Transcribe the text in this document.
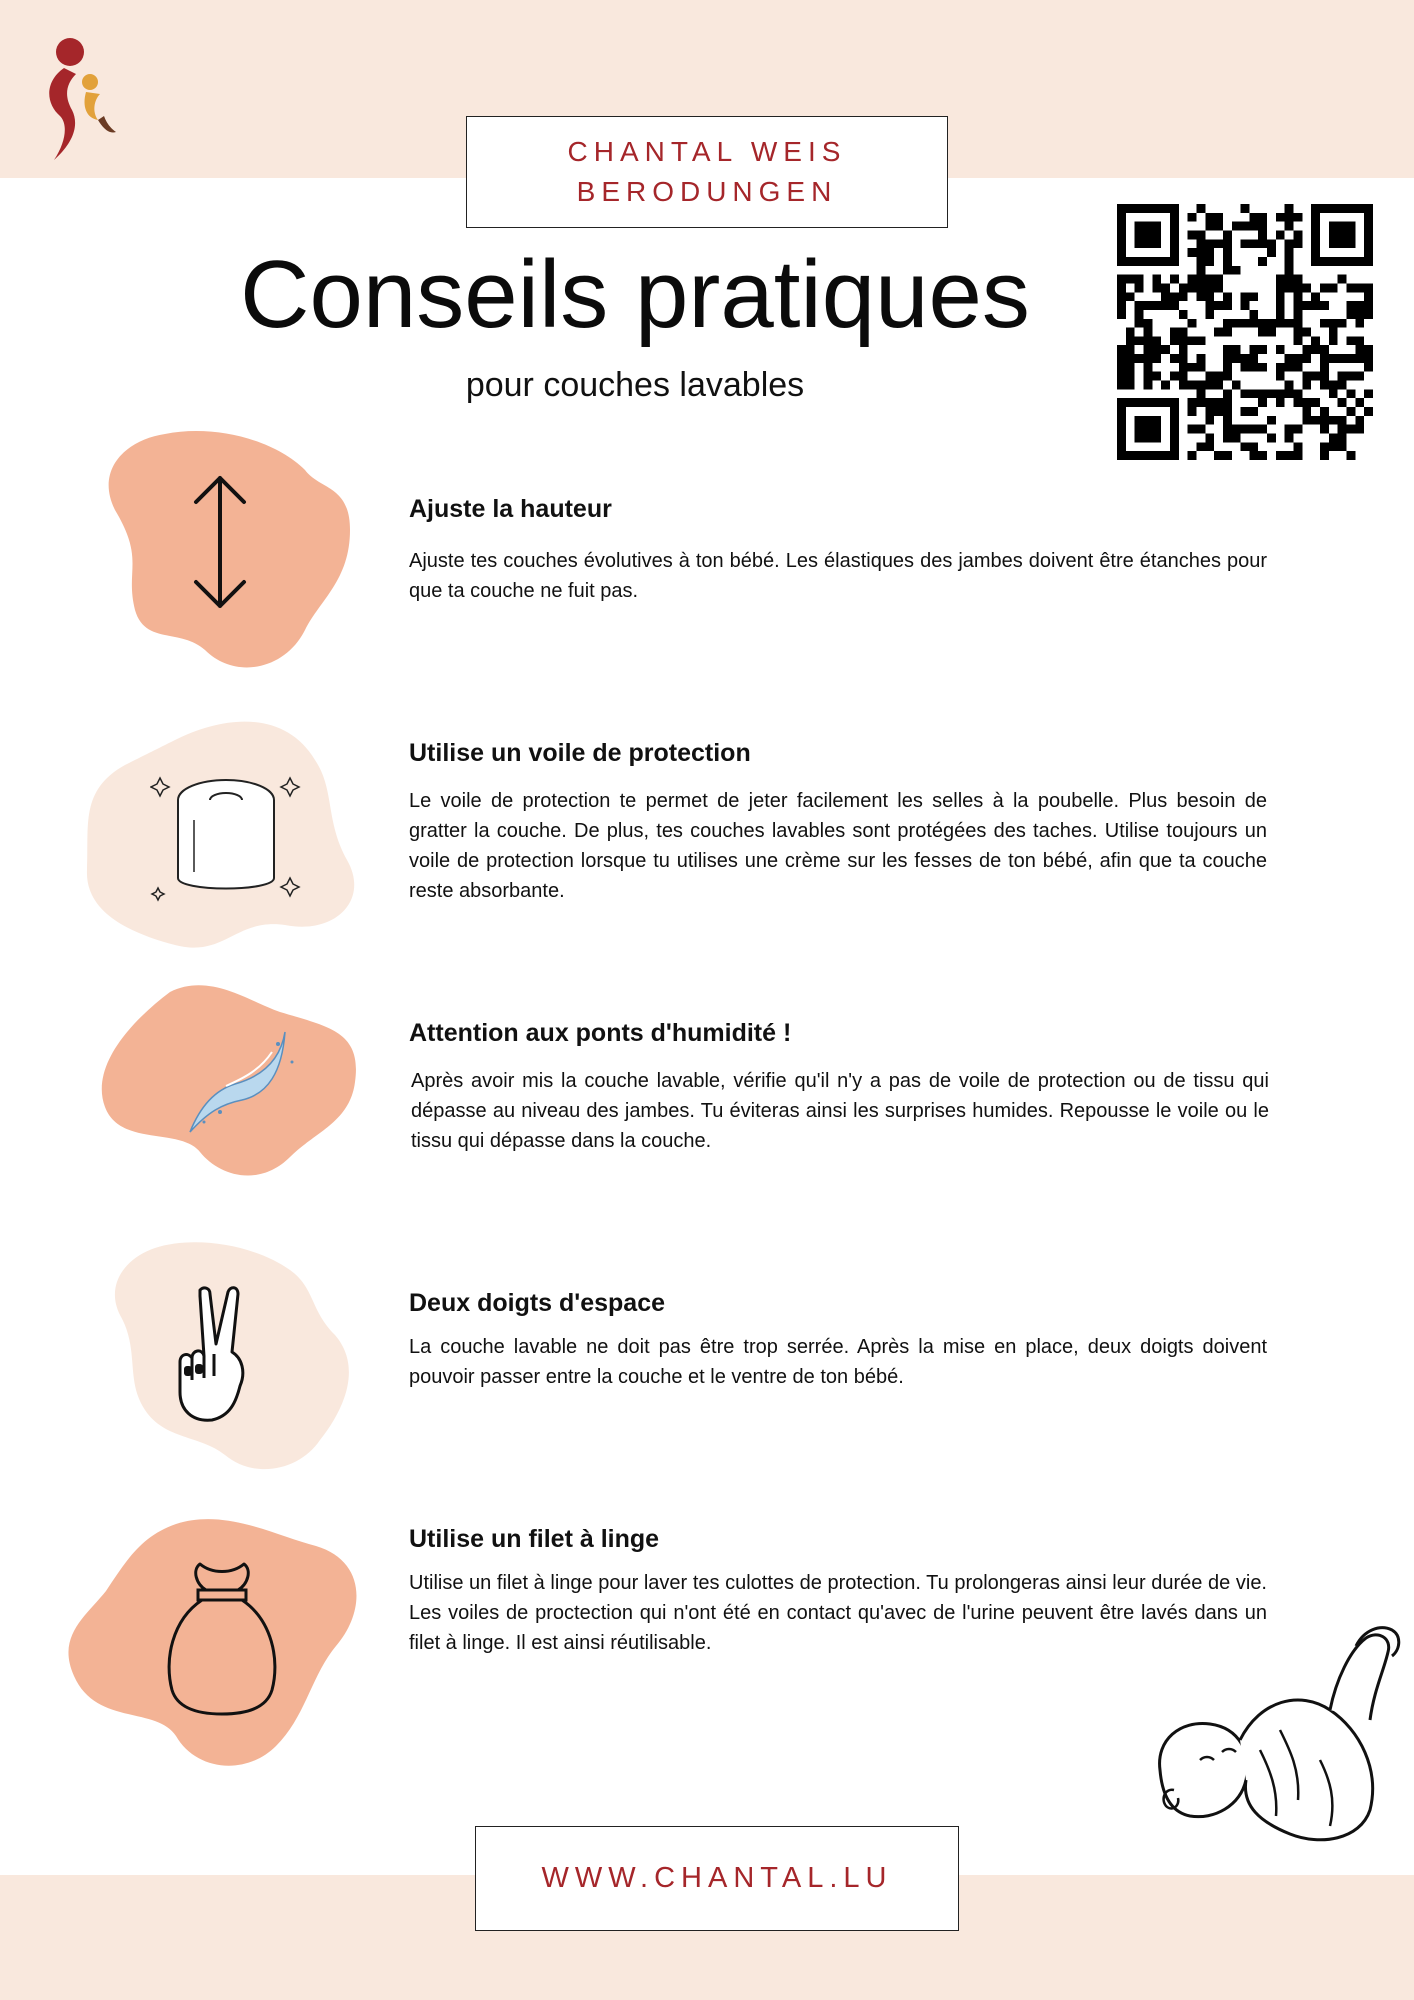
CHANTAL WEIS
BERODUNGEN
Conseils pratiques
pour couches lavables
Ajuste la hauteur

Ajuste tes couches évolutives à ton bébé. Les élastiques des jambes doivent être étanches pour que ta couche ne fuit pas.

Utilise un voile de protection

Le voile de protection te permet de jeter facilement les selles à la poubelle. Plus besoin de gratter la couche. De plus, tes couches lavables sont protégées des taches. Utilise toujours un voile de protection lorsque tu utilises une crème sur les fesses de ton bébé, afin que ta couche reste absorbante.

Attention aux ponts d'humidité !

Après avoir mis la couche lavable, vérifie qu'il n'y a pas de voile de protection ou de tissu qui dépasse au niveau des jambes. Tu éviteras ainsi les surprises humides. Repousse le voile ou le tissu qui dépasse dans la couche.

Deux doigts d'espace

La couche lavable ne doit pas être trop serrée. Après la mise en place, deux doigts doivent pouvoir passer entre la couche et le ventre de ton bébé.

Utilise un filet à linge

Utilise un filet à linge pour laver tes culottes de protection. Tu prolongeras ainsi leur durée de vie. Les voiles de proctection qui n'ont été en contact qu'avec de l'urine peuvent être lavés dans un filet à linge. Il est ainsi réutilisable.

WWW.CHANTAL.LU
